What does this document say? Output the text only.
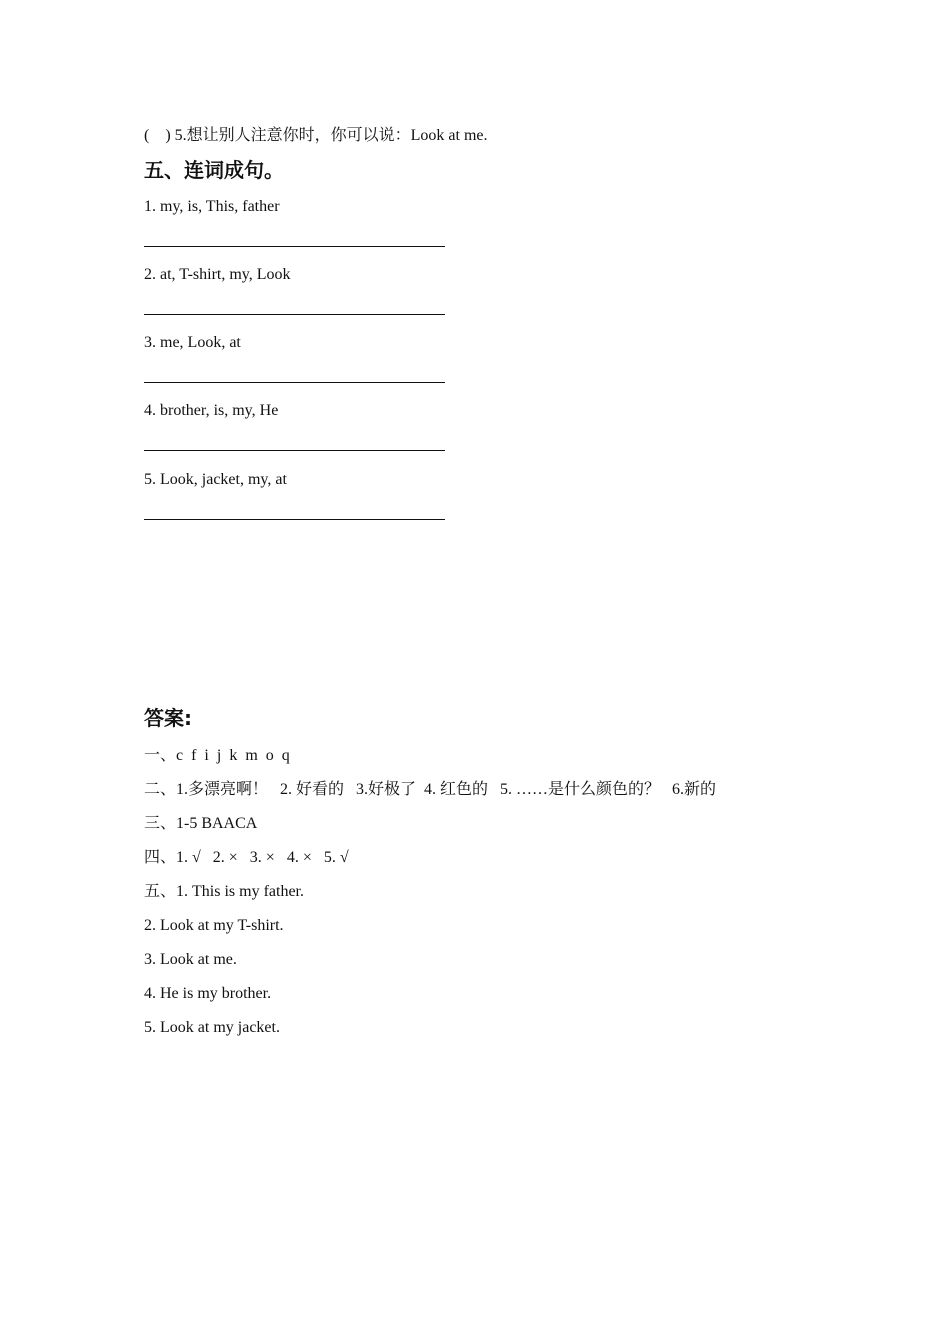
(    ) 5.想让别人注意你时，你可以说：Look at me.
五、连词成句。
1. my, is, This, father
2. at, T-shirt, my, Look
3. me, Look, at
4. brother, is, my, He
5. Look, jacket, my, at
答案:
一、c  f  i  j  k  m  o  q
二、1.多漂亮啊！   2. 好看的   3.好极了  4. 红色的   5. ……是什么颜色的？   6.新的
三、1-5 BAACA
四、1. √   2. ×   3. ×   4. ×   5. √
五、1. This is my father.
2. Look at my T-shirt.
3. Look at me.
4. He is my brother.
5. Look at my jacket.
